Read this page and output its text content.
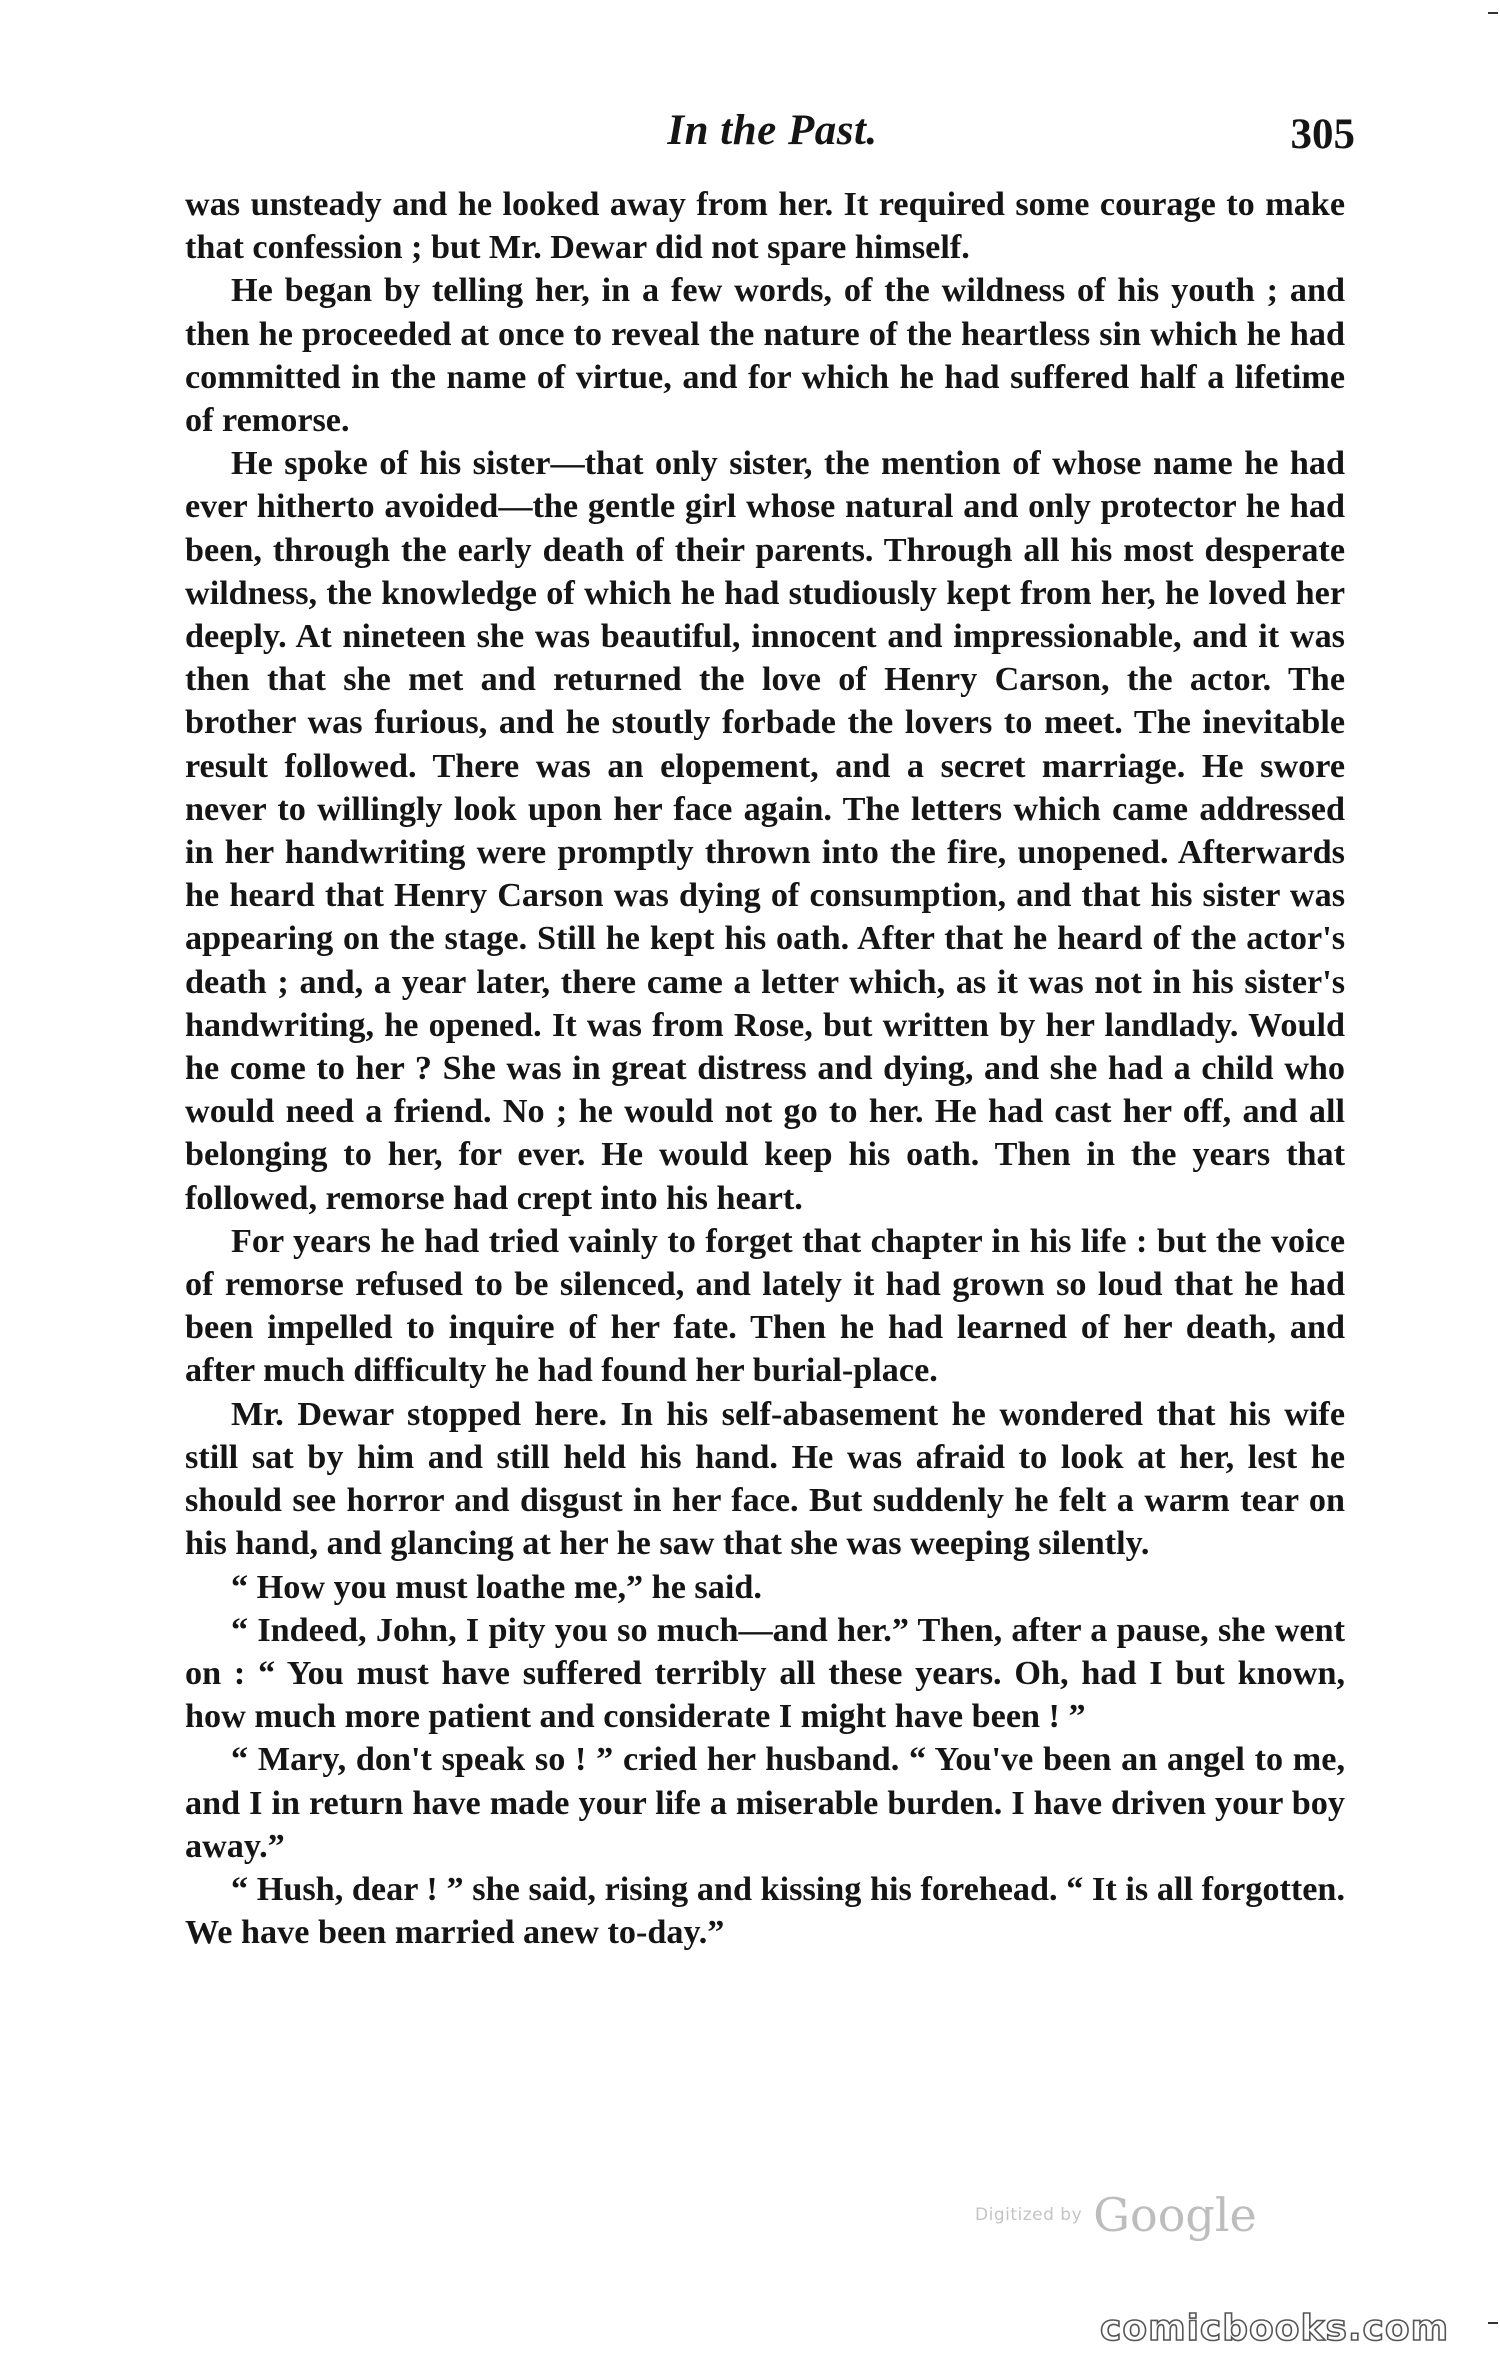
In the Past.	305

was unsteady and he looked away from her. It required some courage to make that confession ; but Mr. Dewar did not spare himself.

He began by telling her, in a few words, of the wildness of his youth ; and then he proceeded at once to reveal the nature of the heartless sin which he had committed in the name of virtue, and for which he had suffered half a lifetime of remorse.

He spoke of his sister—that only sister, the mention of whose name he had ever hitherto avoided—the gentle girl whose natural and only protector he had been, through the early death of their parents. Through all his most desperate wildness, the knowledge of which he had studiously kept from her, he loved her deeply. At nineteen she was beautiful, innocent and impressionable, and it was then that she met and returned the love of Henry Carson, the actor. The brother was furious, and he stoutly forbade the lovers to meet. The inevitable result followed. There was an elopement, and a secret marriage. He swore never to willingly look upon her face again. The letters which came addressed in her handwriting were promptly thrown into the fire, unopened. Afterwards he heard that Henry Carson was dying of consumption, and that his sister was appearing on the stage. Still he kept his oath. After that he heard of the actor's death ; and, a year later, there came a letter which, as it was not in his sister's handwriting, he opened. It was from Rose, but written by her landlady. Would he come to her ? She was in great distress and dying, and she had a child who would need a friend. No ; he would not go to her. He had cast her off, and all belonging to her, for ever. He would keep his oath. Then in the years that followed, remorse had crept into his heart.

For years he had tried vainly to forget that chapter in his life : but the voice of remorse refused to be silenced, and lately it had grown so loud that he had been impelled to inquire of her fate. Then he had learned of her death, and after much difficulty he had found her burial-place.

Mr. Dewar stopped here. In his self-abasement he wondered that his wife still sat by him and still held his hand. He was afraid to look at her, lest he should see horror and disgust in her face. But suddenly he felt a warm tear on his hand, and glancing at her he saw that she was weeping silently.

“ How you must loathe me,” he said.

“ Indeed, John, I pity you so much—and her.” Then, after a pause, she went on : “ You must have suffered terribly all these years. Oh, had I but known, how much more patient and considerate I might have been ! ”

“ Mary, don't speak so ! ” cried her husband. “ You've been an angel to me, and I in return have made your life a miserable burden. I have driven your boy away.”

“ Hush, dear ! ” she said, rising and kissing his forehead. “ It is all forgotten. We have been married anew to-day.”

Digitized by Google
comicbooks.com
